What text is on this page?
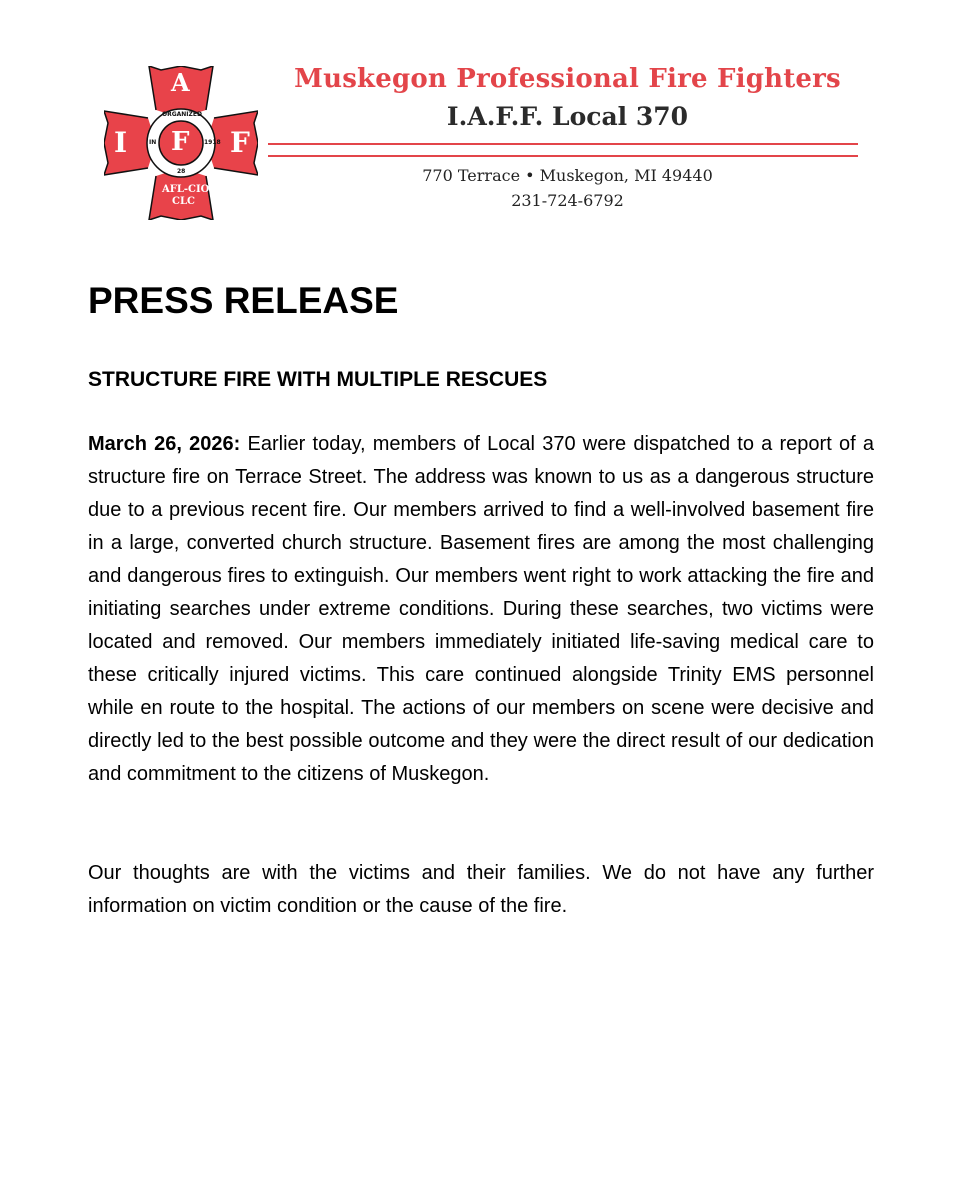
A
I	F
F
ORGANIZED
IN	1918
28
AFL-CIO
CLC
Muskegon Professional Fire Fighters
I.A.F.F. Local 370
770 Terrace • Muskegon, MI 49440
231-724-6792
PRESS RELEASE
STRUCTURE FIRE WITH MULTIPLE RESCUES

March 26, 2026: Earlier today, members of Local 370 were dispatched to a report of a structure fire on Terrace Street. The address was known to us as a dangerous structure due to a previous recent fire. Our members arrived to find a well-involved basement fire in a large, converted church structure. Basement fires are among the most challenging and dangerous fires to extinguish. Our members went right to work attacking the fire and initiating searches under extreme conditions. During these searches, two victims were located and removed. Our members immediately initiated life-saving medical care to these critically injured victims. This care continued alongside Trinity EMS personnel while en route to the hospital. The actions of our members on scene were decisive and directly led to the best possible outcome and they were the direct result of our dedication and commitment to the citizens of Muskegon.

Our thoughts are with the victims and their families. We do not have any further information on victim condition or the cause of the fire.
